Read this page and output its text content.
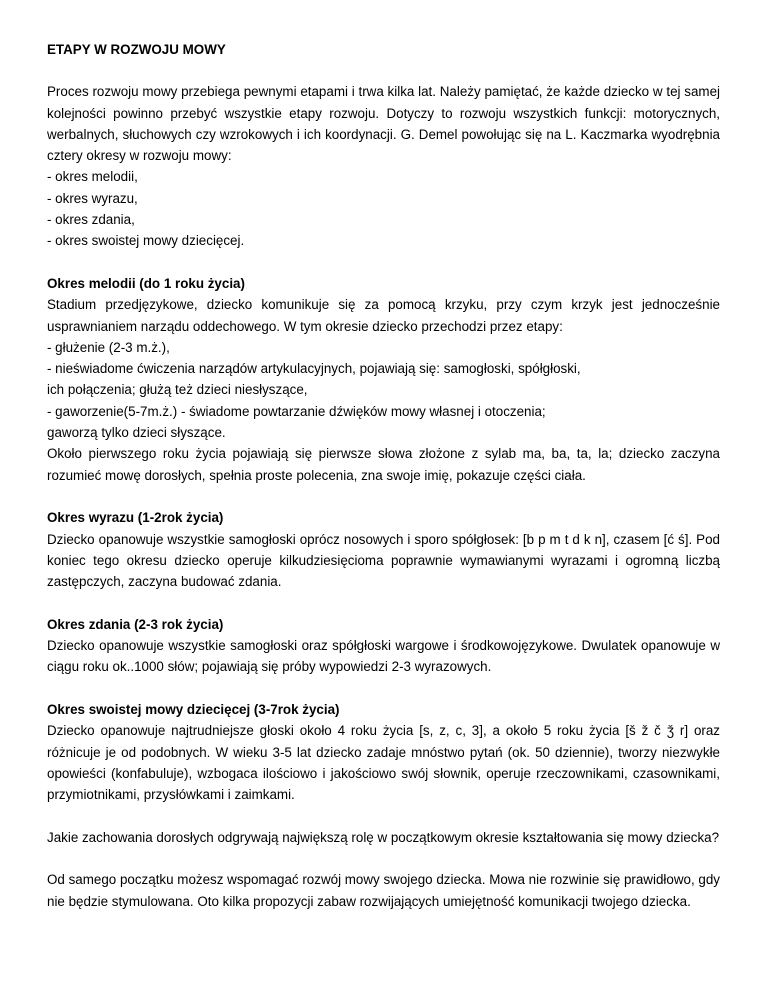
ETAPY W ROZWOJU MOWY

Proces rozwoju mowy przebiega pewnymi etapami i trwa kilka lat. Należy pamiętać, że każde dziecko w tej samej kolejności powinno przebyć wszystkie etapy rozwoju. Dotyczy to rozwoju wszystkich funkcji: motorycznych, werbalnych, słuchowych czy wzrokowych i ich koordynacji. G. Demel powołując się na L. Kaczmarka wyodrębnia cztery okresy w rozwoju mowy:

- okres melodii,
- okres wyrazu,
- okres zdania,
- okres swoistej mowy dziecięcej.

Okres melodii (do 1 roku życia)

Stadium przedjęzykowe, dziecko komunikuje się za pomocą krzyku, przy czym krzyk jest jednocześnie usprawnianiem narządu oddechowego. W tym okresie dziecko przechodzi przez etapy:

- głużenie (2-3 m.ż.),
- nieświadome ćwiczenia narządów artykulacyjnych, pojawiają się: samogłoski, spółgłoski,
ich połączenia; głużą też dzieci niesłyszące,
- gaworzenie(5-7m.ż.) - świadome powtarzanie dźwięków mowy własnej i otoczenia;
gaworzą tylko dzieci słyszące.

Około pierwszego roku życia pojawiają się pierwsze słowa złożone z sylab ma, ba, ta, la; dziecko zaczyna rozumieć mowę dorosłych, spełnia proste polecenia, zna swoje imię, pokazuje części ciała.

Okres wyrazu (1-2rok życia)

Dziecko opanowuje wszystkie samogłoski oprócz nosowych i sporo spółgłosek: [b p m t d k n], czasem [ć ś]. Pod koniec tego okresu dziecko operuje kilkudziesięcioma poprawnie wymawianymi wyrazami i ogromną liczbą zastępczych, zaczyna budować zdania.

Okres zdania (2-3 rok życia)

Dziecko opanowuje wszystkie samogłoski oraz spółgłoski wargowe i środkowojęzykowe. Dwulatek opanowuje w ciągu roku ok..1000 słów; pojawiają się próby wypowiedzi 2-3 wyrazowych.

Okres swoistej mowy dziecięcej (3-7rok życia)

Dziecko opanowuje najtrudniejsze głoski około 4 roku życia [s, z, c, 3], a około 5 roku życia [š ž č ǯ r] oraz różnicuje je od podobnych. W wieku 3-5 lat dziecko zadaje mnóstwo pytań (ok. 50 dziennie), tworzy niezwykłe opowieści (konfabuluje), wzbogaca ilościowo i jakościowo swój słownik, operuje rzeczownikami, czasownikami, przymiotnikami, przysłówkami i zaimkami.

Jakie zachowania dorosłych odgrywają największą rolę w początkowym okresie kształtowania się mowy dziecka?

Od samego początku możesz wspomagać rozwój mowy swojego dziecka. Mowa nie rozwinie się prawidłowo, gdy nie będzie stymulowana. Oto kilka propozycji zabaw rozwijających umiejętność komunikacji twojego dziecka.
